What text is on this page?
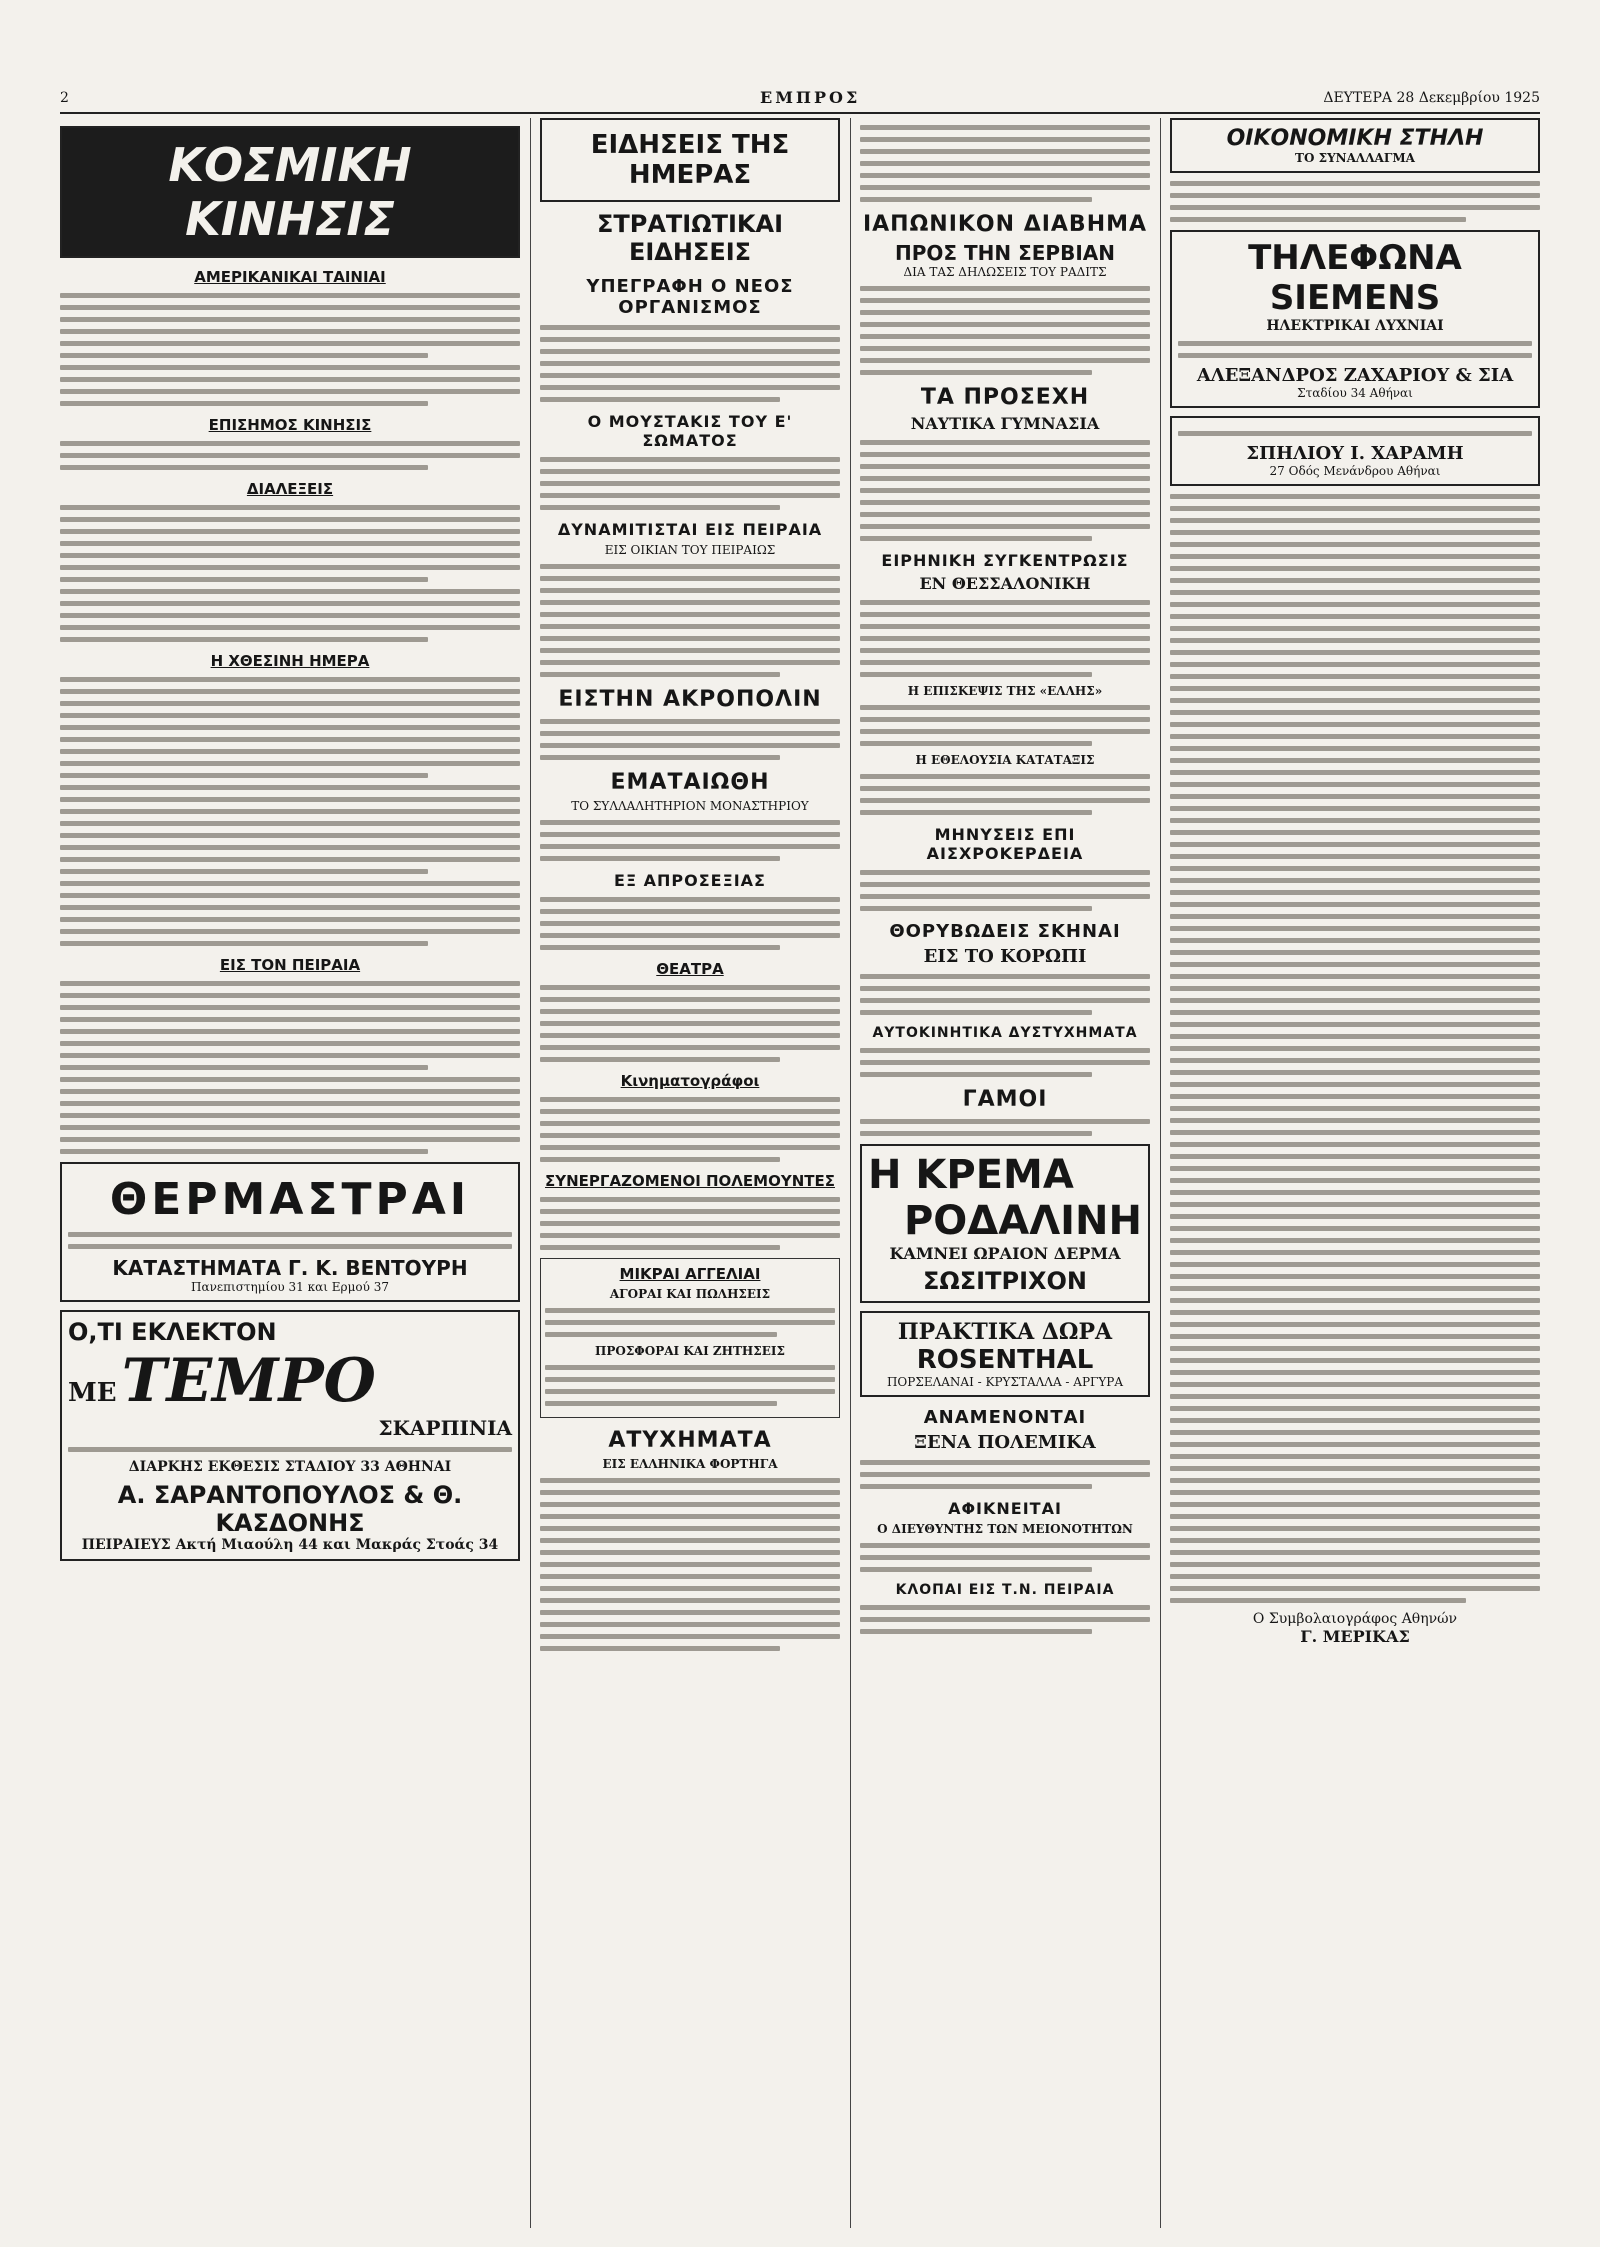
2	ΕΜΠΡΟΣ	ΔΕΥΤΕΡΑ 28 Δεκεμβρίου 1925
ΚΟΣΜΙΚΗ ΚΙΝΗΣΙΣ
ΑΜΕΡΙΚΑΝΙΚΑΙ ΤΑΙΝΙΑΙ
ΕΠΙΣΗΜΟΣ ΚΙΝΗΣΙΣ
ΔΙΑΛΕΞΕΙΣ
Η ΧΘΕΣΙΝΗ ΗΜΕΡΑ
ΕΙΣ ΤΟΝ ΠΕΙΡΑΙΑ
ΘΕΡΜΑΣΤΡΑΙ
ΚΑΤΑΣΤΗΜΑΤΑ Γ. Κ. ΒΕΝΤΟΥΡΗ
Πανεπιστημίου 31 και Ερμού 37
Ο,ΤΙ ΕΚΛΕΚΤΟΝ
ΜΕ TEMPO
ΣΚΑΡΠΙΝΙΑ
ΔΙΑΡΚΗΣ ΕΚΘΕΣΙΣ ΣΤΑΔΙΟΥ 33 ΑΘΗΝΑΙ
Α. ΣΑΡΑΝΤΟΠΟΥΛΟΣ & Θ. ΚΑΣΔΟΝΗΣ
ΠΕΙΡΑΙΕΥΣ Ακτή Μιαούλη 44 και Μακράς Στοάς 34
ΕΙΔΗΣΕΙΣ ΤΗΣ ΗΜΕΡΑΣ
ΣΤΡΑΤΙΩΤΙΚΑΙ ΕΙΔΗΣΕΙΣ
ΥΠΕΓΡΑΦΗ Ο ΝΕΟΣ ΟΡΓΑΝΙΣΜΟΣ
Ο ΜΟΥΣΤΑΚΙΣ ΤΟΥ Ε' ΣΩΜΑΤΟΣ
ΔΥΝΑΜΙΤΙΣΤΑΙ ΕΙΣ ΠΕΙΡΑΙΑ
ΕΙΣ ΟΙΚΙΑΝ ΤΟΥ ΠΕΙΡΑΙΩΣ
ΕΙΣΤΗΝ ΑΚΡΟΠΟΛΙΝ
ΕΜΑΤΑΙΩΘΗ
ΤΟ ΣΥΛΛΑΛΗΤΗΡΙΟΝ ΜΟΝΑΣΤΗΡΙΟΥ
ΕΞ ΑΠΡΟΣΕΞΙΑΣ
ΘΕΑΤΡΑ
Κινηματογράφοι
ΣΥΝΕΡΓΑΖΟΜΕΝΟΙ ΠΟΛΕΜΟΥΝΤΕΣ
ΜΙΚΡΑΙ ΑΓΓΕΛΙΑΙ
ΑΓΟΡΑΙ ΚΑΙ ΠΩΛΗΣΕΙΣ
ΠΡΟΣΦΟΡΑΙ ΚΑΙ ΖΗΤΗΣΕΙΣ
ΑΤΥΧΗΜΑΤΑ
ΕΙΣ ΕΛΛΗΝΙΚΑ ΦΟΡΤΗΓΑ
ΙΑΠΩΝΙΚΟΝ ΔΙΑΒΗΜΑ
ΠΡΟΣ ΤΗΝ ΣΕΡΒΙΑΝ
ΔΙΑ ΤΑΣ ΔΗΛΩΣΕΙΣ ΤΟΥ ΡΑΔΙΤΣ
ΤΑ ΠΡΟΣΕΧΗ
ΝΑΥΤΙΚΑ ΓΥΜΝΑΣΙΑ
ΕΙΡΗΝΙΚΗ ΣΥΓΚΕΝΤΡΩΣΙΣ
ΕΝ ΘΕΣΣΑΛΟΝΙΚΗ
Η ΕΠΙΣΚΕΨΙΣ ΤΗΣ «ΕΛΛΗΣ»
Η ΕΘΕΛΟΥΣΙΑ ΚΑΤΑΤΑΞΙΣ
ΜΗΝΥΣΕΙΣ ΕΠΙ ΑΙΣΧΡΟΚΕΡΔΕΙΑ
ΘΟΡΥΒΩΔΕΙΣ ΣΚΗΝΑΙ
ΕΙΣ ΤΟ ΚΟΡΩΠΙ
ΑΥΤΟΚΙΝΗΤΙΚΑ ΔΥΣΤΥΧΗΜΑΤΑ
ΓΑΜΟΙ
Η ΚΡΕΜΑ
ΡΟΔΑΛΙΝΗ
ΚΑΜΝΕΙ ΩΡΑΙΟΝ ΔΕΡΜΑ
ΣΩΣΙΤΡΙΧΟΝ
ΠΡΑΚΤΙΚΑ ΔΩΡΑ
ROSENTHAL
ΠΟΡΣΕΛΑΝΑΙ - ΚΡΥΣΤΑΛΛΑ - ΑΡΓΥΡΑ
ΑΝΑΜΕΝΟΝΤΑΙ
ΞΕΝΑ ΠΟΛΕΜΙΚΑ
ΑΦΙΚΝΕΙΤΑΙ
Ο ΔΙΕΥΘΥΝΤΗΣ ΤΩΝ ΜΕΙΟΝΟΤΗΤΩΝ
ΚΛΟΠΑΙ ΕΙΣ Τ.Ν. ΠΕΙΡΑΙΑ
ΟΙΚΟΝΟΜΙΚΗ ΣΤΗΛΗ
ΤΟ ΣΥΝΑΛΛΑΓΜΑ
ΤΗΛΕΦΩΝΑ SIEMENS
ΗΛΕΚΤΡΙΚΑΙ ΛΥΧΝΙΑΙ
ΑΛΕΞΑΝΔΡΟΣ ΖΑΧΑΡΙΟΥ & ΣΙΑ
Σταδίου 34 Αθήναι
ΣΠΗΛΙΟΥ Ι. ΧΑΡΑΜΗ
27 Οδός Μενάνδρου Αθήναι
Ο Συμβολαιογράφος Αθηνών
Γ. ΜΕΡΙΚΑΣ
